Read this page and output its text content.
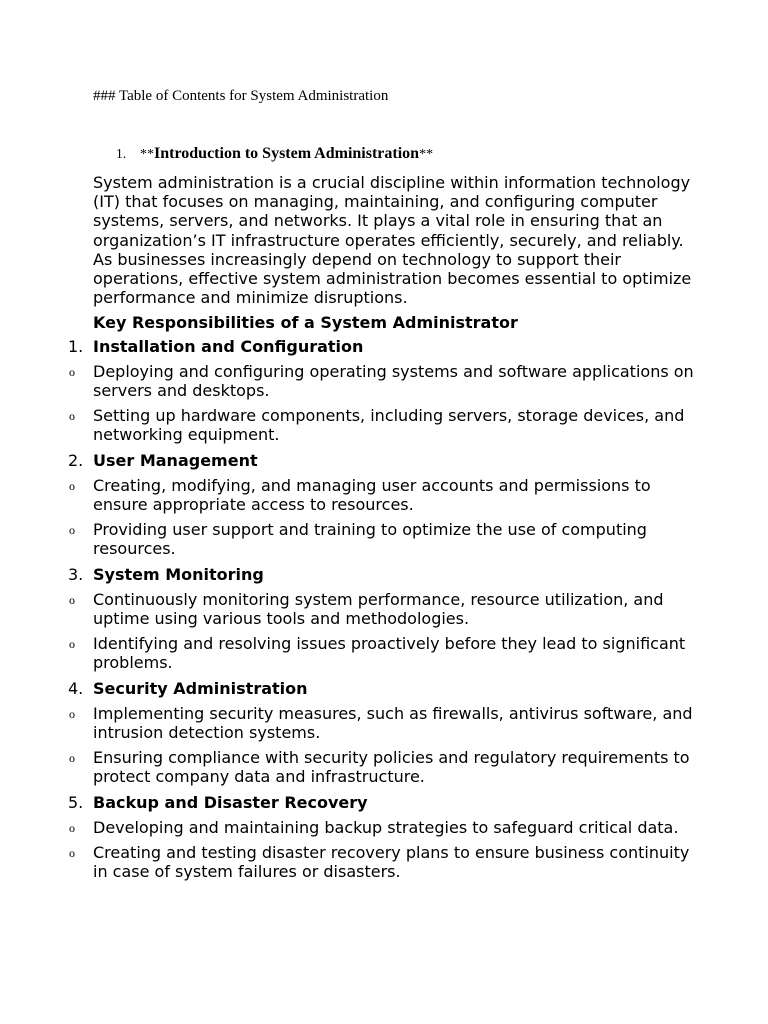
### Table of Contents for System Administration
1. **Introduction to System Administration**

System administration is a crucial discipline within information technology (IT) that focuses on managing, maintaining, and configuring computer systems, servers, and networks. It plays a vital role in ensuring that an organization’s IT infrastructure operates efficiently, securely, and reliably. As businesses increasingly depend on technology to support their operations, effective system administration becomes essential to optimize performance and minimize disruptions.

Key Responsibilities of a System Administrator
1. Installation and Configuration
o Deploying and configuring operating systems and software applications on servers and desktops.
o Setting up hardware components, including servers, storage devices, and networking equipment.
2. User Management
o Creating, modifying, and managing user accounts and permissions to ensure appropriate access to resources.
o Providing user support and training to optimize the use of computing resources.
3. System Monitoring
o Continuously monitoring system performance, resource utilization, and uptime using various tools and methodologies.
o Identifying and resolving issues proactively before they lead to significant problems.
4. Security Administration
o Implementing security measures, such as firewalls, antivirus software, and intrusion detection systems.
o Ensuring compliance with security policies and regulatory requirements to protect company data and infrastructure.
5. Backup and Disaster Recovery
o Developing and maintaining backup strategies to safeguard critical data.
o Creating and testing disaster recovery plans to ensure business continuity in case of system failures or disasters.
